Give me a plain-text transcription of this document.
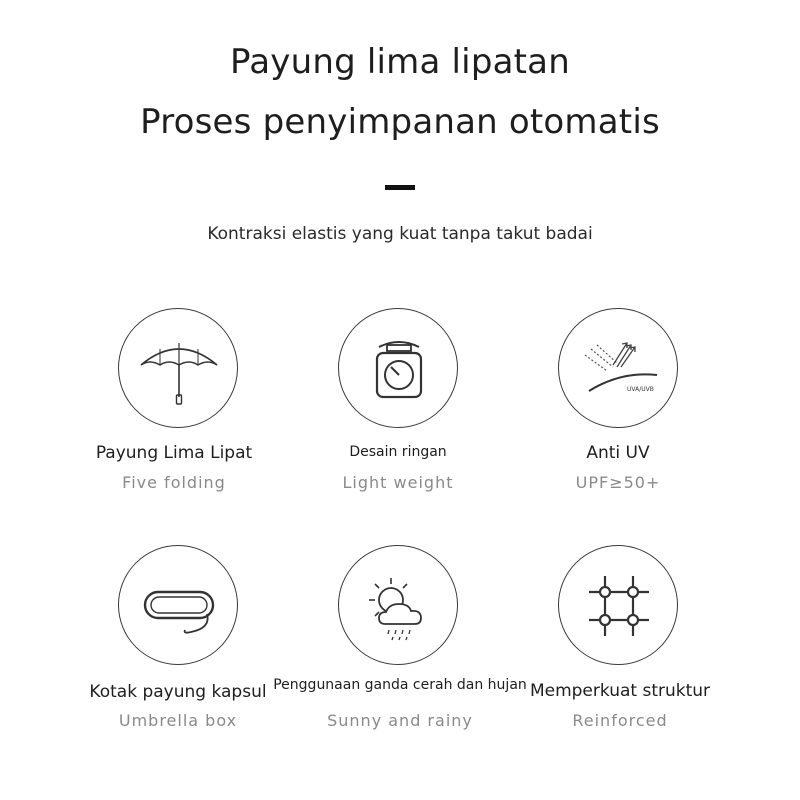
Payung lima lipatan
Proses penyimpanan otomatis
Kontraksi elastis yang kuat tanpa takut badai
Payung Lima Lipat
Five folding
Desain ringan
Light weight
UVA/UVB
Anti UV
UPF≥50+
Kotak payung kapsul
Umbrella box
Penggunaan ganda cerah dan hujan
Sunny and rainy
Memperkuat struktur
Reinforced
